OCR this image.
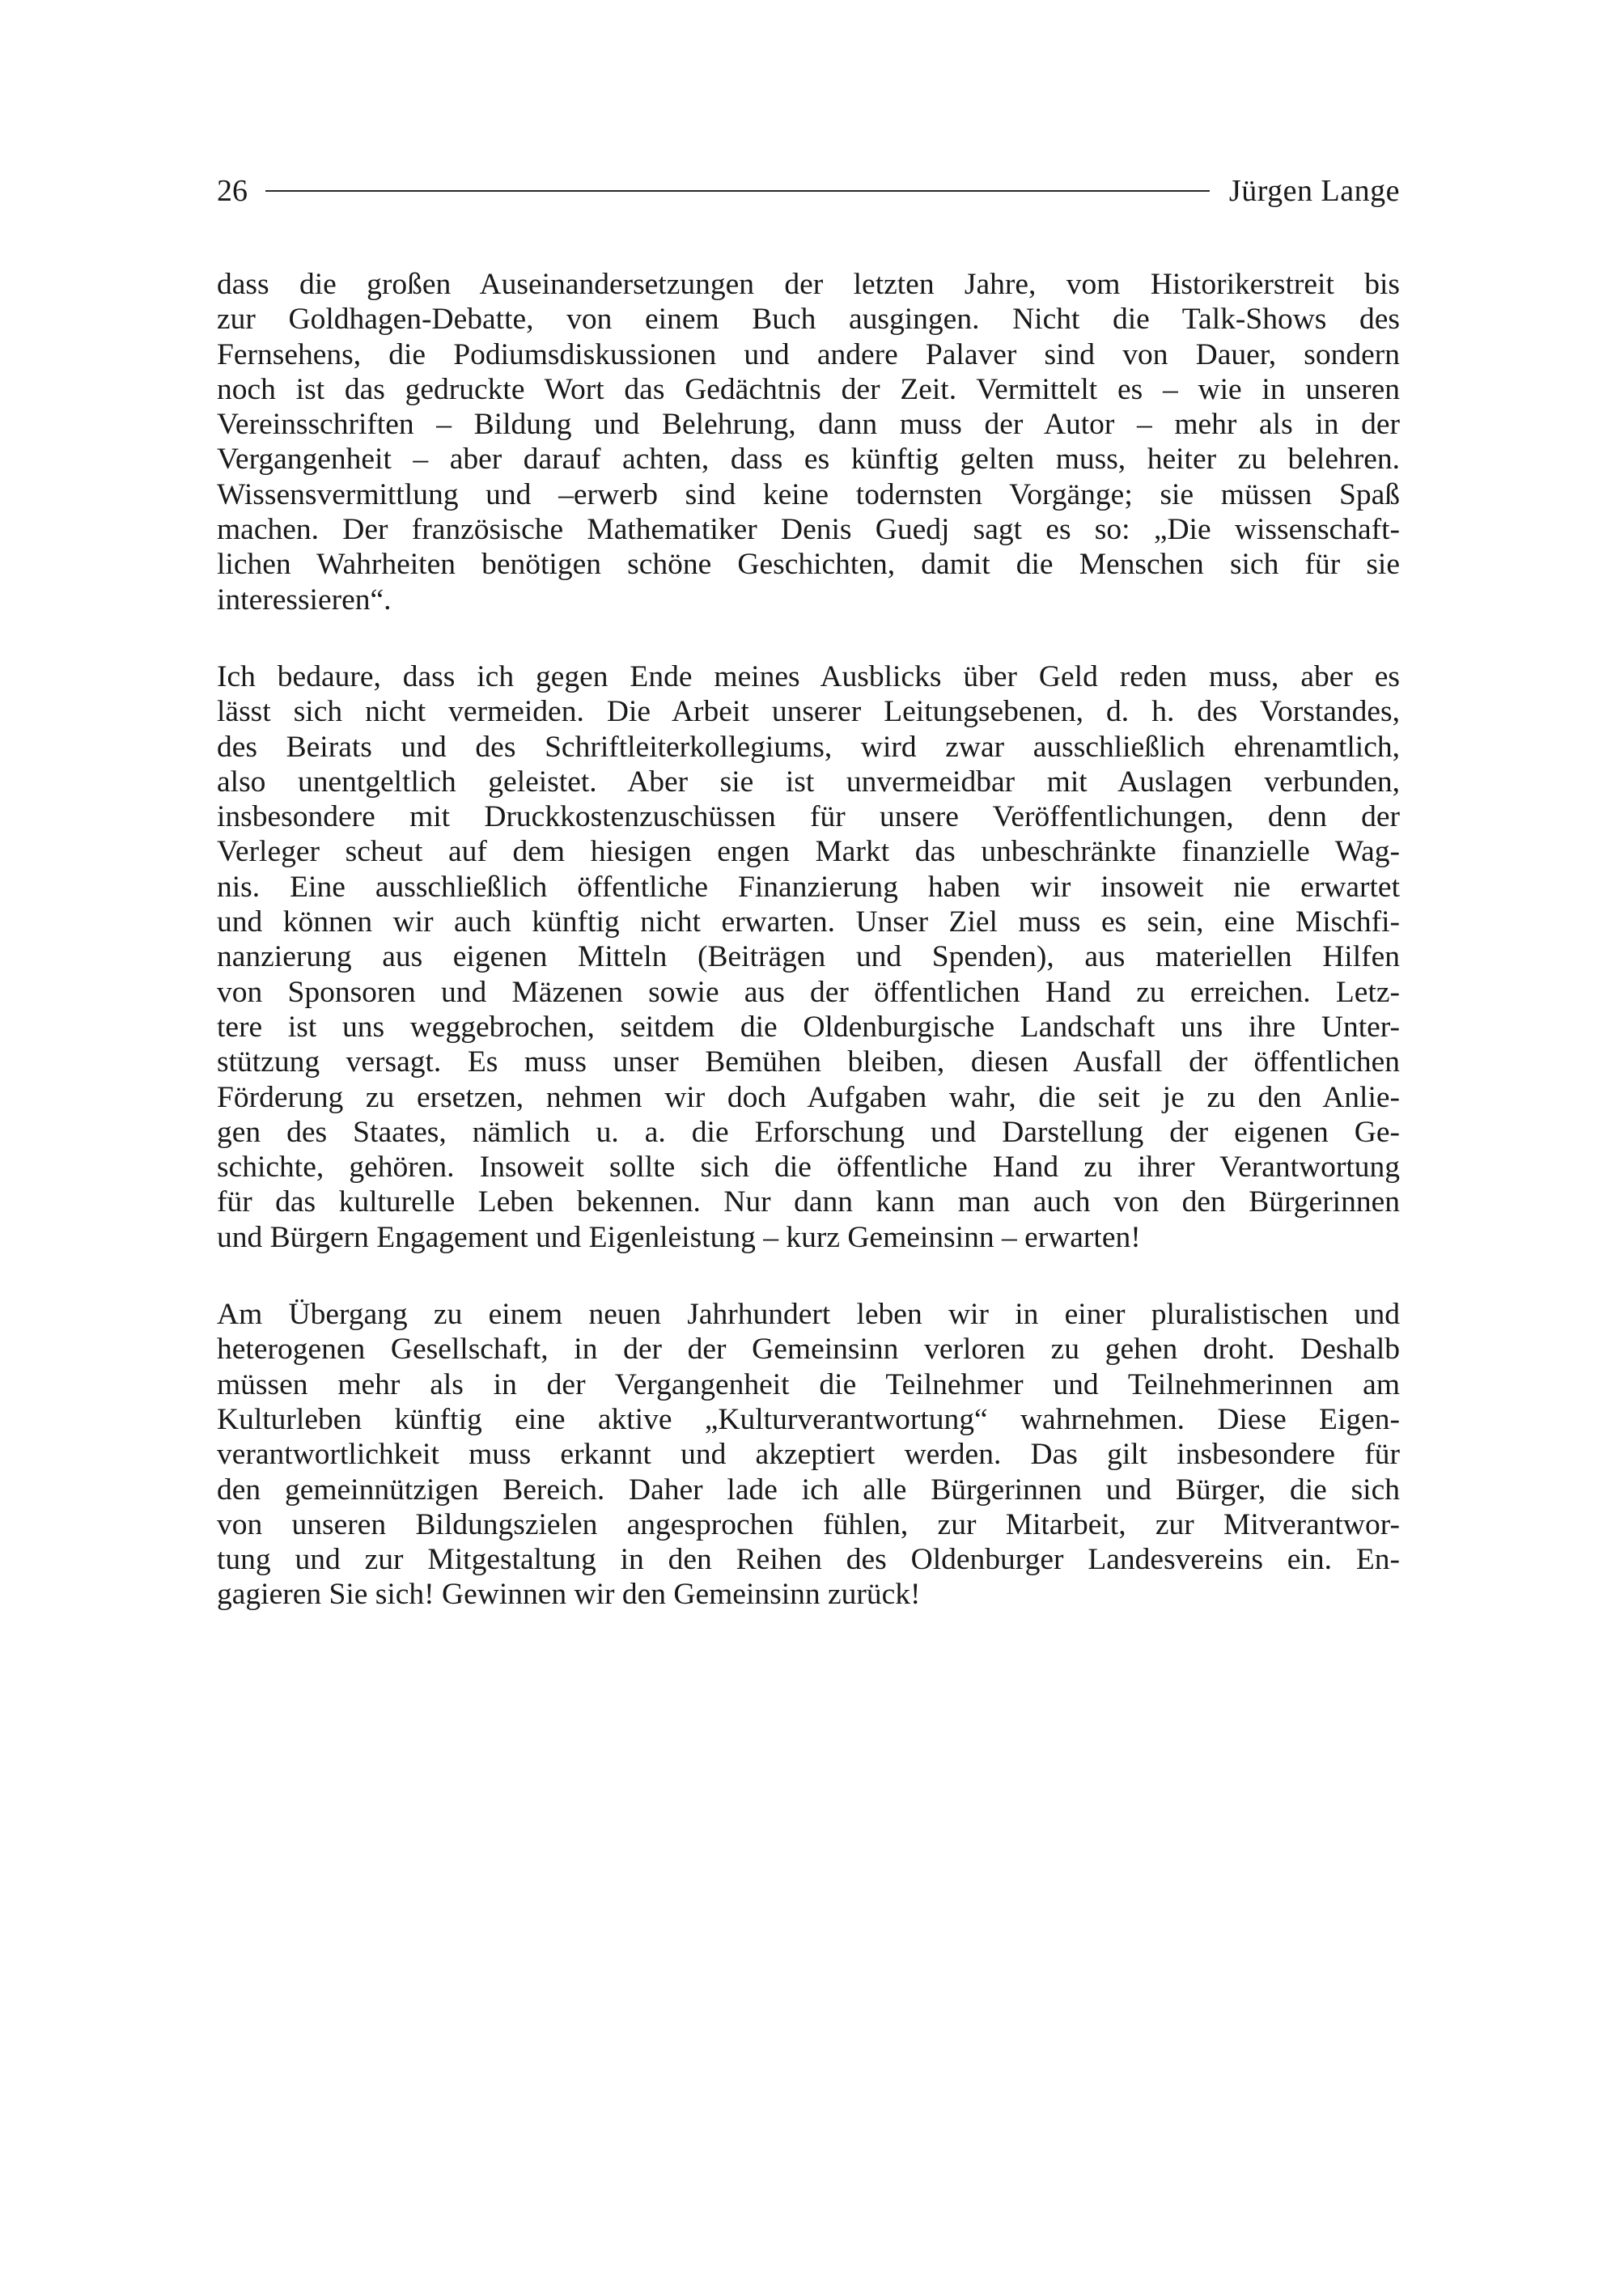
26	Jürgen Lange

dass die großen Auseinandersetzungen der letzten Jahre, vom Historikerstreit bis
zur Goldhagen-Debatte, von einem Buch ausgingen. Nicht die Talk-Shows des
Fernsehens, die Podiumsdiskussionen und andere Palaver sind von Dauer, sondern
noch ist das gedruckte Wort das Gedächtnis der Zeit. Vermittelt es – wie in unseren
Vereinsschriften – Bildung und Belehrung, dann muss der Autor – mehr als in der
Vergangenheit – aber darauf achten, dass es künftig gelten muss, heiter zu belehren.
Wissensvermittlung und –erwerb sind keine todernsten Vorgänge; sie müssen Spaß
machen. Der französische Mathematiker Denis Guedj sagt es so: „Die wissenschaft-
lichen Wahrheiten benötigen schöne Geschichten, damit die Menschen sich für sie
interessieren“.

Ich bedaure, dass ich gegen Ende meines Ausblicks über Geld reden muss, aber es
lässt sich nicht vermeiden. Die Arbeit unserer Leitungsebenen, d. h. des Vorstandes,
des Beirats und des Schriftleiterkollegiums, wird zwar ausschließlich ehrenamtlich,
also unentgeltlich geleistet. Aber sie ist unvermeidbar mit Auslagen verbunden,
insbesondere mit Druckkostenzuschüssen für unsere Veröffentlichungen, denn der
Verleger scheut auf dem hiesigen engen Markt das unbeschränkte finanzielle Wag-
nis. Eine ausschließlich öffentliche Finanzierung haben wir insoweit nie erwartet
und können wir auch künftig nicht erwarten. Unser Ziel muss es sein, eine Mischfi-
nanzierung aus eigenen Mitteln (Beiträgen und Spenden), aus materiellen Hilfen
von Sponsoren und Mäzenen sowie aus der öffentlichen Hand zu erreichen. Letz-
tere ist uns weggebrochen, seitdem die Oldenburgische Landschaft uns ihre Unter-
stützung versagt. Es muss unser Bemühen bleiben, diesen Ausfall der öffentlichen
Förderung zu ersetzen, nehmen wir doch Aufgaben wahr, die seit je zu den Anlie-
gen des Staates, nämlich u. a. die Erforschung und Darstellung der eigenen Ge-
schichte, gehören. Insoweit sollte sich die öffentliche Hand zu ihrer Verantwortung
für das kulturelle Leben bekennen. Nur dann kann man auch von den Bürgerinnen
und Bürgern Engagement und Eigenleistung – kurz Gemeinsinn – erwarten!

Am Übergang zu einem neuen Jahrhundert leben wir in einer pluralistischen und
heterogenen Gesellschaft, in der der Gemeinsinn verloren zu gehen droht. Deshalb
müssen mehr als in der Vergangenheit die Teilnehmer und Teilnehmerinnen am
Kulturleben künftig eine aktive „Kulturverantwortung“ wahrnehmen. Diese Eigen-
verantwortlichkeit muss erkannt und akzeptiert werden. Das gilt insbesondere für
den gemeinnützigen Bereich. Daher lade ich alle Bürgerinnen und Bürger, die sich
von unseren Bildungszielen angesprochen fühlen, zur Mitarbeit, zur Mitverantwor-
tung und zur Mitgestaltung in den Reihen des Oldenburger Landesvereins ein. En-
gagieren Sie sich! Gewinnen wir den Gemeinsinn zurück!
